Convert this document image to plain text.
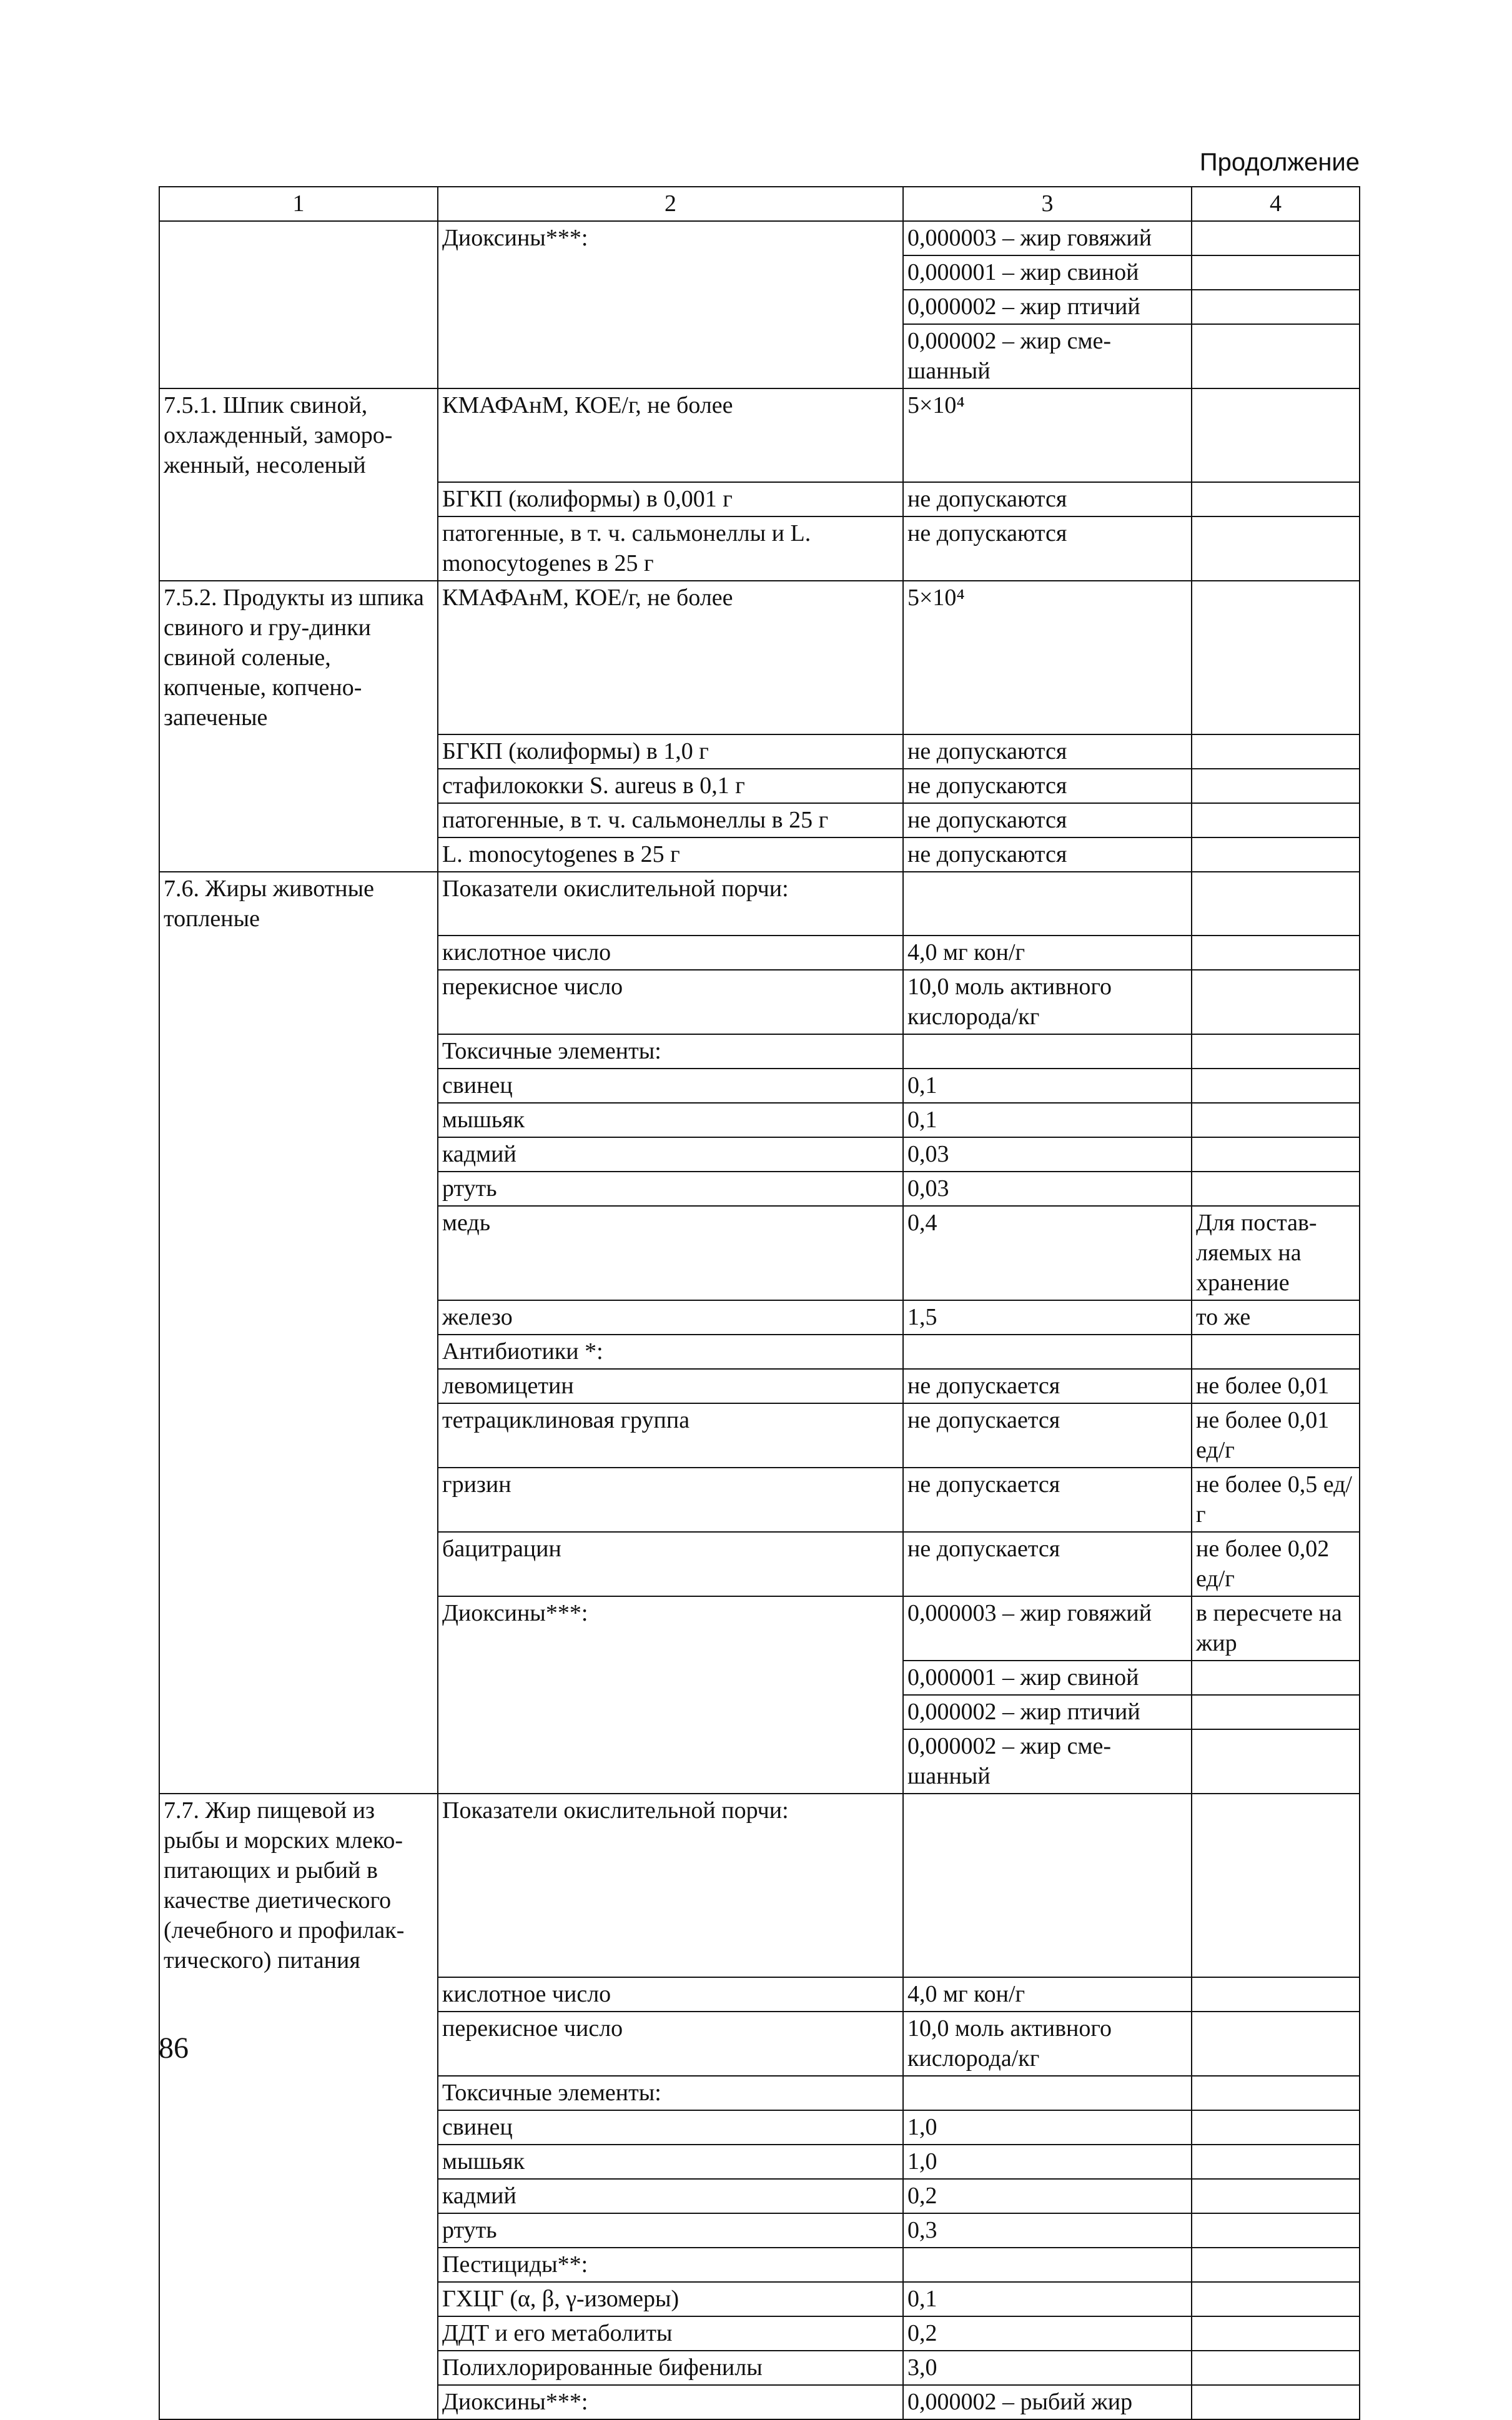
Продолжение
1	2	3	4
	Диоксины***:	0,000003 – жир говяжий	
		0,000001 – жир свиной	
		0,000002 – жир птичий	
		0,000002 – жир сме-шанный	
7.5.1. Шпик свиной, охлажденный, заморо-женный, несоленый	КМАФАнМ, КОЕ/г, не более	5×10⁴	
	БГКП (колиформы) в 0,001 г	не допускаются	
	патогенные, в т. ч. сальмонеллы и L. monocytogenes в 25 г	не допускаются	
7.5.2. Продукты из шпика свиного и гру-динки свиной соленые, копченые, копчено-запеченые	КМАФАнМ, КОЕ/г, не более	5×10⁴	
	БГКП (колиформы) в 1,0 г	не допускаются	
	стафилококки S. aureus в 0,1 г	не допускаются	
	патогенные, в т. ч. сальмонеллы в 25 г	не допускаются	
	L. monocytogenes в 25 г	не допускаются	
7.6. Жиры животные топленые	Показатели окислительной порчи:		
	кислотное число	4,0 мг кон/г	
	перекисное число	10,0 моль активного кислорода/кг	
	Токсичные элементы:		
	свинец	0,1	
	мышьяк	0,1	
	кадмий	0,03	
	ртуть	0,03	
	медь	0,4	Для постав-ляемых на хранение
	железо	1,5	то же
	Антибиотики *:		
	левомицетин	не допускается	не более 0,01
	тетрациклиновая группа	не допускается	не более 0,01 ед/г
	гризин	не допускается	не более 0,5 ед/г
	бацитрацин	не допускается	не более 0,02 ед/г
	Диоксины***:	0,000003 – жир говяжий	в пересчете на жир
		0,000001 – жир свиной	
		0,000002 – жир птичий	
		0,000002 – жир сме-шанный	
7.7. Жир пищевой из рыбы и морских млеко-питающих и рыбий в качестве диетического (лечебного и профилак-тического) питания	Показатели окислительной порчи:		
	кислотное число	4,0 мг кон/г	
	перекисное число	10,0 моль активного кислорода/кг	
	Токсичные элементы:		
	свинец	1,0	
	мышьяк	1,0	
	кадмий	0,2	
	ртуть	0,3	
	Пестициды**:		
	ГХЦГ (α, β, γ-изомеры)	0,1	
	ДДТ и его метаболиты	0,2	
	Полихлорированные бифенилы	3,0	
	Диоксины***:	0,000002 – рыбий жир	
86
